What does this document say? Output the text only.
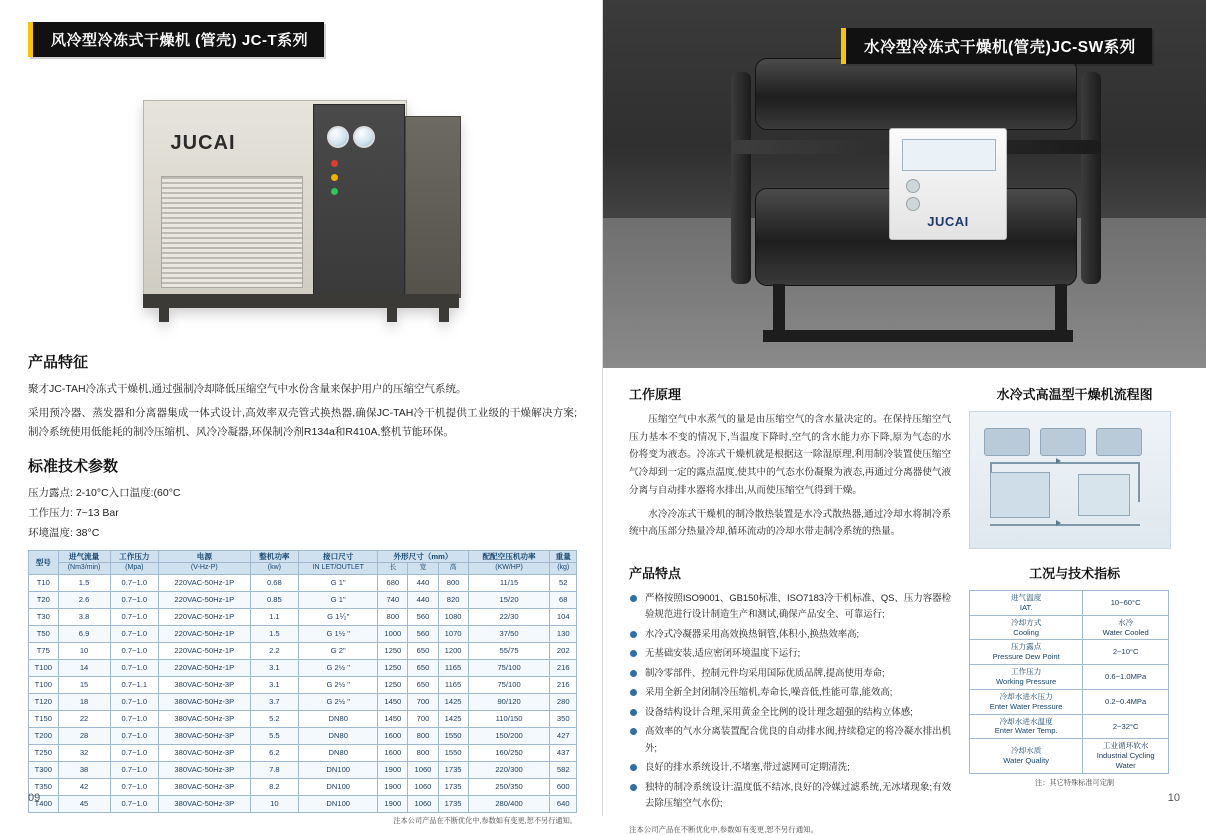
风冷型冷冻式干燥机 (管壳) JC-T系列
JUCAI
产品特征

聚才JC-TAH冷冻式干燥机,通过强制冷却降低压缩空气中水份含量来保护用户的压缩空气系统。

采用预冷器、蒸发器和分离器集成一体式设计,高效率双壳管式换热器,确保JC-TAH冷干机提供工业级的干燥解决方案;制冷系统使用低能耗的制冷压缩机、风冷冷凝器,环保制冷剂R134a和R410A,整机节能环保。

标准技术参数

压力露点: 2-10°C入口温度:(60°C

工作压力: 7~13 Bar

环境温度: 38°C

型号	进气流量	工作压力	电源	整机功率	接口尺寸	外形尺寸（mm）			配配空压机功率	重量
	(Nm3/min)	(Mpa)	(V-Hz-P)	(kw)	IN LET/OUTLET	长	宽	高	(KW/HP)	(kg)
T10	1.5	0.7~1.0	220VAC-50Hz-1P	0.68	G 1"	680	440	800	11/15	52
T20	2.6	0.7~1.0	220VAC-50Hz-1P	0.85	G 1"	740	440	820	15/20	68
T30	3.8	0.7~1.0	220VAC-50Hz-1P	1.1	G 1⅟₂"	800	560	1080	22/30	104
T50	6.9	0.7~1.0	220VAC-50Hz-1P	1.5	G 1½ "	1000	560	1070	37/50	130
T75	10	0.7~1.0	220VAC-50Hz-1P	2.2	G 2"	1250	650	1200	55/75	202
T100	14	0.7~1.0	220VAC-50Hz-1P	3.1	G 2½ "	1250	650	1165	75/100	216
T100	15	0.7~1.1	380VAC-50Hz-3P	3.1	G 2½ "	1250	650	1165	75/100	216
T120	18	0.7~1.0	380VAC-50Hz-3P	3.7	G 2½ "	1450	700	1425	90/120	280
T150	22	0.7~1.0	380VAC-50Hz-3P	5.2	DN80	1450	700	1425	110/150	350
T200	28	0.7~1.0	380VAC-50Hz-3P	5.5	DN80	1600	800	1550	150/200	427
T250	32	0.7~1.0	380VAC-50Hz-3P	6.2	DN80	1600	800	1550	160/250	437
T300	38	0.7~1.0	380VAC-50Hz-3P	7.8	DN100	1900	1060	1735	220/300	582
T350	42	0.7~1.0	380VAC-50Hz-3P	8.2	DN100	1900	1060	1735	250/350	600
T400	45	0.7~1.0	380VAC-50Hz-3P	10	DN100	1900	1060	1735	280/400	640
注本公司产品在不断优化中,参数如有变更,恕不另行通知。
09
JUCAI
水冷型冷冻式干燥机(管壳)JC-SW系列
工作原理

压缩空气中水蒸气的量是由压缩空气的含水量决定的。在保持压缩空气压力基本不变的情况下,当温度下降时,空气的含水能力亦下降,原为气态的水份将变为液态。冷冻式干燥机就是根据这一除湿原理,利用制冷装置使压缩空气冷却到一定的露点温度,使其中的气态水份凝聚为液态,再通过分离器使气液分离与自动排水器将水排出,从而使压缩空气得到干燥。

水冷冷冻式干燥机的制冷散热装置是水冷式散热器,通过冷却水将制冷系统中高压部分热量冷却,循环流动的冷却水带走制冷系统的热量。

水冷式高温型干燥机流程图
产品特点
严格按照ISO9001、GB150标准、ISO7183冷干机标准、QS、压力容器检验规范进行设计制造生产和测试,确保产品安全、可靠运行;
水冷式冷凝器采用高效换热铜管,体积小,换热效率高;
无基础安装,适应密闭环境温度下运行;
制冷零部件、控制元件均采用国际优质品牌,提高使用寿命;
采用全新全封闭制冷压缩机,寿命长,噪音低,性能可靠,能效高;
设备结构设计合理,采用黄金全比例的设计理念超强的结构立体感;
高效率的气水分离装置配合优良的自动排水阀,持续稳定的将冷凝水排出机外;
良好的排水系统设计,不堵塞,带过滤网可定期清洗;
独特的制冷系统设计:温度低不结冰,良好的冷媒过滤系统,无冰堵现象;有效去除压缩空气水份;
工况与技术指标
进气温度
IAT.	10~60°C
冷却方式
Cooling	水冷
Water Cooled
压力露点
Pressure Dew Point	2~10°C
工作压力
Working Pressure	0.6~1.0MPa
冷却水进水压力
Enter Water Pressure	0.2~0.4MPa
冷却水进水温度
Enter Water Temp.	2~32°C
冷却水质
Water Quality	工业循环软水
Industrial Cycling Water
注：其它特殊标准可定制
注本公司产品在不断优化中,参数如有变更,恕不另行通知。
10
